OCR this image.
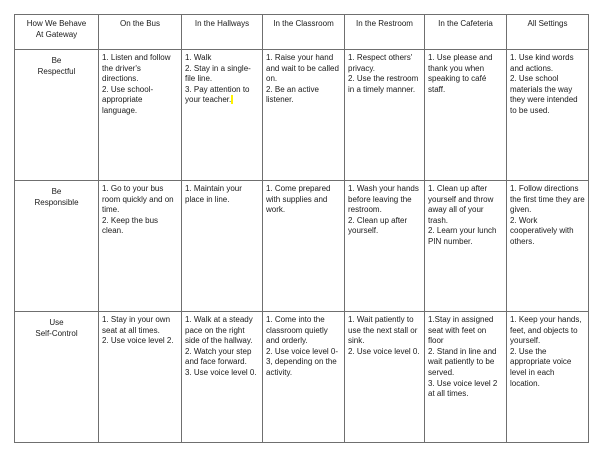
How We Behave
At Gateway	On the Bus	In the Hallways	In the Classroom	In the Restroom	In the Cafeteria	All Settings

Be
Respectful	1. Listen and follow the driver's directions.
2. Use school-appropriate language.	1. Walk
2. Stay in a single-file line.
3. Pay attention to your teacher.​	1. Raise your hand and wait to be called on.
2. Be an active listener.	1. Respect others' privacy.
2. Use the restroom in a timely manner.	1. Use please and thank you when speaking to café staff.	1. Use kind words and actions.
2. Use school materials the way they were intended to be used.

Be
Responsible	1. Go to your bus room quickly and on time.
2. Keep the bus clean.	1. Maintain your place in line.	1. Come prepared with supplies and work.	1. Wash your hands before leaving the restroom.
2. Clean up after yourself.	1. Clean up after yourself and throw away all of your trash.
2. Learn your lunch PIN number.	1. Follow directions the first time they are given.
2. Work cooperatively with others.

Use
Self-Control	1. Stay in your own seat at all times.
2. Use voice level 2.	1. Walk at a steady pace on the right side of the hallway.
2. Watch your step and face forward.
3. Use voice level 0.	1. Come into the classroom quietly and orderly.
2. Use voice level 0-3, depending on the activity.	1. Wait patiently to use the next stall or sink.
2. Use voice level 0.	1.Stay in assigned seat with feet on floor
2. Stand in line and wait patiently to be served.
3. Use voice level 2 at all times.	1. Keep your hands, feet, and objects to yourself.
2. Use the appropriate voice level in each location.
